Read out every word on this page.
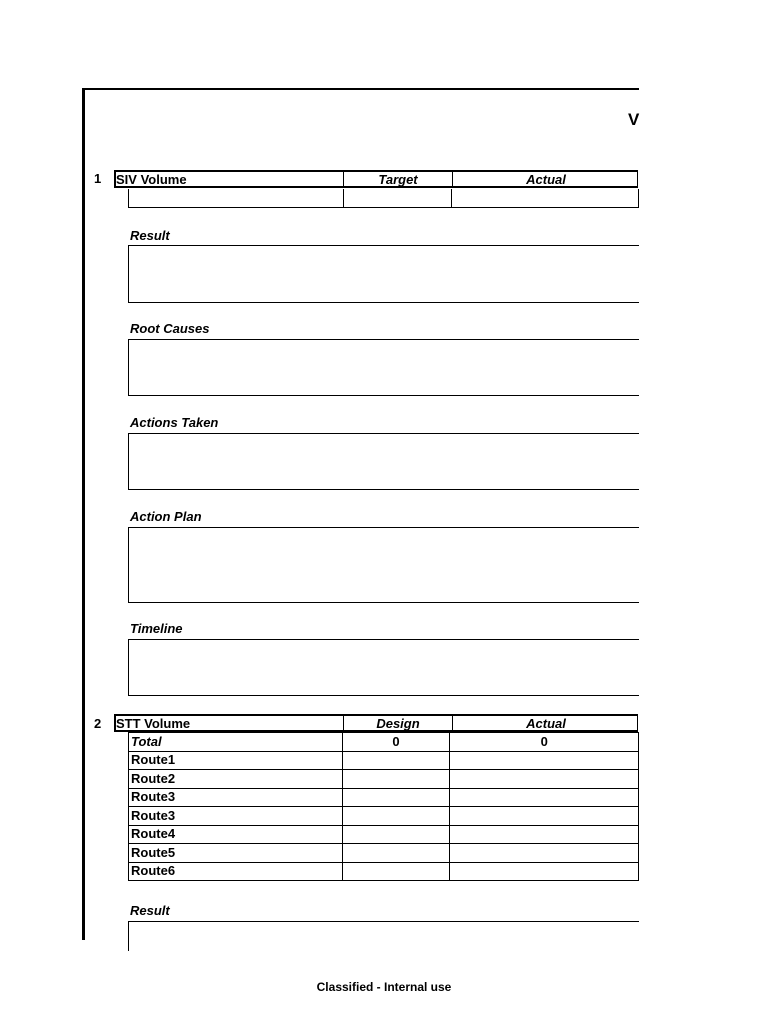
V
1 SIV Volume	Target	Actual
Result
Root Causes
Actions Taken
Action Plan
Timeline
2 STT Volume	Design	Actual
Total	0	0
Route1		
Route2		
Route3		
Route3		
Route4		
Route5		
Route6		
Result
Classified - Internal use
